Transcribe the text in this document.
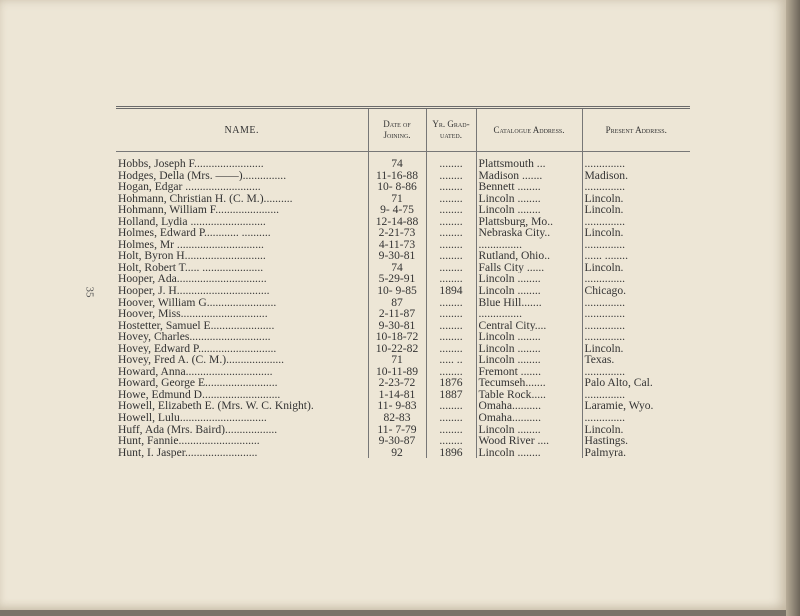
35
NAME.	Date of Joining.	Yr. Grad- uated.	Catalogue Address.	Present Address.
Hobbs, Joseph F........................	74	........	Plattsmouth ...	..............
Hodges, Della (Mrs. ——)...............	11-16-88	........	Madison .......	Madison.
Hogan, Edgar ..........................	10- 8-86	........	Bennett ........	..............
Hohmann, Christian H. (C. M.)..........	71	........	Lincoln ........	Lincoln.
Hohmann, William F......................	9- 4-75	........	Lincoln ........	Lincoln.
Holland, Lydia ..........................	12-14-88	........	Plattsburg, Mo..	..............
Holmes, Edward P............ ..........	2-21-73	........	Nebraska City..	Lincoln.
Holmes, Mr ..............................	4-11-73	........	...............	..............
Holt, Byron H............................	9-30-81	........	Rutland, Ohio..	...... ........
Holt, Robert T..... .....................	74	........	Falls City ......	Lincoln.
Hooper, Ada...............................	5-29-91	........	Lincoln ........	..............
Hooper, J. H................................	10- 9-85	1894	Lincoln ........	Chicago.
Hoover, William G........................	87	........	Blue Hill.......	..............
Hoover, Miss..............................	2-11-87	........	...............	..............
Hostetter, Samuel E......................	9-30-81	........	Central City....	..............
Hovey, Charles............................	10-18-72	........	Lincoln ........	..............
Hovey, Edward P...........................	10-22-82	........	Lincoln ........	Lincoln.
Hovey, Fred A. (C. M.)....................	71	..... ..	Lincoln ........	Texas.
Howard, Anna..............................	10-11-89	........	Fremont .......	..............
Howard, George E.........................	2-23-72	1876	Tecumseh.......	Palo Alto, Cal.
Howe, Edmund D...........................	1-14-81	1887	Table Rock.....	..............
Howell, Elizabeth E. (Mrs. W. C. Knight).	11- 9-83	........	Omaha..........	Laramie, Wyo.
Howell, Lulu..............................	82-83	........	Omaha..........	..............
Huff, Ada (Mrs. Baird)..................	11- 7-79	........	Lincoln ........	Lincoln.
Hunt, Fannie............................	9-30-87	........	Wood River ....	Hastings.
Hunt, I. Jasper.........................	92	1896	Lincoln ........	Palmyra.
